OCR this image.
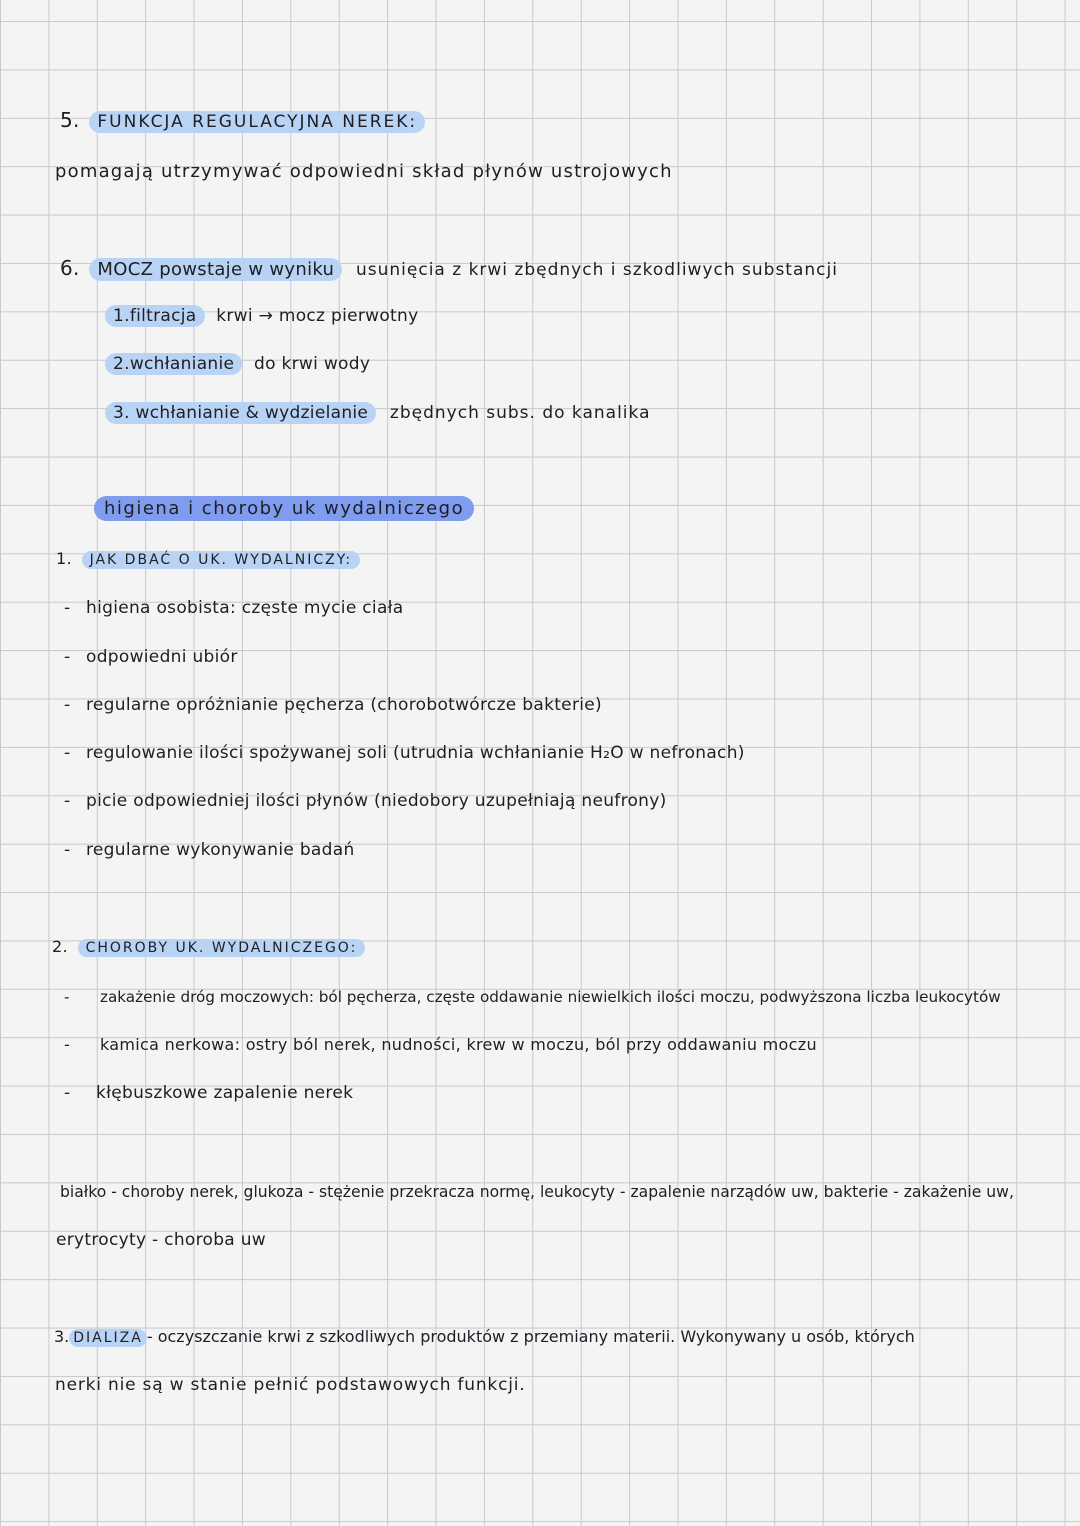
5. FUNKCJA REGULACYJNA NEREK:
pomagają utrzymywać odpowiedni skład płynów ustrojowych
6. MOCZ powstaje w wyniku usunięcia z krwi zbędnych i szkodliwych substancji
1.filtracja krwi → mocz pierwotny
2.wchłanianie do krwi wody
3. wchłanianie & wydzielanie zbędnych subs. do kanalika
higiena i choroby uk wydalniczego
1. JAK DBAĆ O UK. WYDALNICZY:
- higiena osobista: częste mycie ciała
- odpowiedni ubiór
- regularne opróżnianie pęcherza (chorobotwórcze bakterie)
- regulowanie ilości spożywanej soli (utrudnia wchłanianie H₂O w nefronach)
- picie odpowiedniej ilości płynów (niedobory uzupełniają neufrony)
- regularne wykonywanie badań
2. CHOROBY UK. WYDALNICZEGO:
- zakażenie dróg moczowych: ból pęcherza, częste oddawanie niewielkich ilości moczu, podwyższona liczba leukocytów
- kamica nerkowa: ostry ból nerek, nudności, krew w moczu, ból przy oddawaniu moczu
- kłębuszkowe zapalenie nerek
białko - choroby nerek, glukoza - stężenie przekracza normę, leukocyty - zapalenie narządów uw, bakterie - zakażenie uw,
erytrocyty - choroba uw
3. DIALIZA - oczyszczanie krwi z szkodliwych produktów z przemiany materii. Wykonywany u osób, których
nerki nie są w stanie pełnić podstawowych funkcji.
